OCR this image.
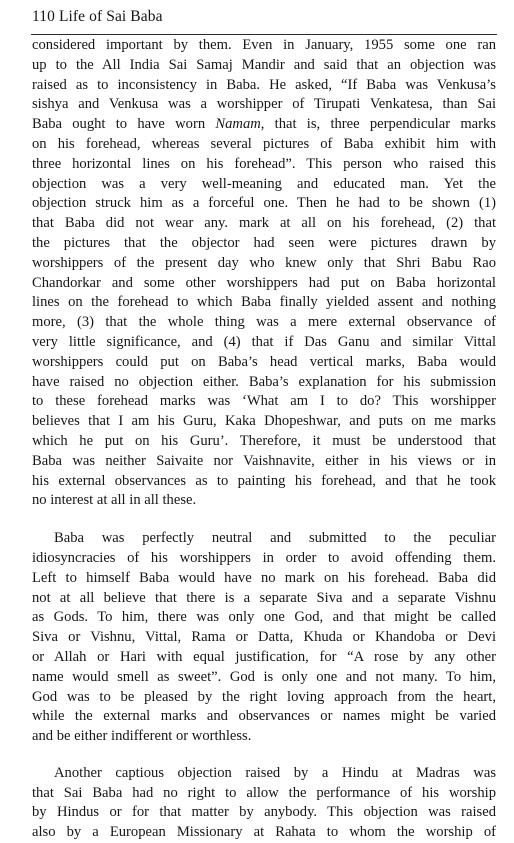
110 Life of Sai Baba
considered important by them. Even in January, 1955 some one ran
up to the All India Sai Samaj Mandir and said that an objection was
raised as to inconsistency in Baba. He asked, “If Baba was Venkusa’s
sishya and Venkusa was a worshipper of Tirupati Venkatesa, than Sai
Baba ought to have worn Namam, that is, three perpendicular marks
on his forehead, whereas several pictures of Baba exhibit him with
three horizontal lines on his forehead”. This person who raised this
objection was a very well-meaning and educated man. Yet the
objection struck him as a forceful one. Then he had to be shown (1)
that Baba did not wear any. mark at all on his forehead, (2) that
the pictures that the objector had seen were pictures drawn by
worshippers of the present day who knew only that Shri Babu Rao
Chandorkar and some other worshippers had put on Baba horizontal
lines on the forehead to which Baba finally yielded assent and nothing
more, (3) that the whole thing was a mere external observance of
very little significance, and (4) that if Das Ganu and similar Vittal
worshippers could put on Baba’s head vertical marks, Baba would
have raised no objection either. Baba’s explanation for his submission
to these forehead marks was ‘What am I to do? This worshipper
believes that I am his Guru, Kaka Dhopeshwar, and puts on me marks
which he put on his Guru’. Therefore, it must be understood that
Baba was neither Saivaite nor Vaishnavite, either in his views or in
his external observances as to painting his forehead, and that he took
no interest at all in all these.
Baba was perfectly neutral and submitted to the peculiar
idiosyncracies of his worshippers in order to avoid offending them.
Left to himself Baba would have no mark on his forehead. Baba did
not at all believe that there is a separate Siva and a separate Vishnu
as Gods. To him, there was only one God, and that might be called
Siva or Vishnu, Vittal, Rama or Datta, Khuda or Khandoba or Devi
or Allah or Hari with equal justification, for “A rose by any other
name would smell as sweet”. God is only one and not many. To him,
God was to be pleased by the right loving approach from the heart,
while the external marks and observances or names might be varied
and be either indifferent or worthless.
Another captious objection raised by a Hindu at Madras was
that Sai Baba had no right to allow the performance of his worship
by Hindus or for that matter by anybody. This objection was raised
also by a European Missionary at Rahata to whom the worship of
